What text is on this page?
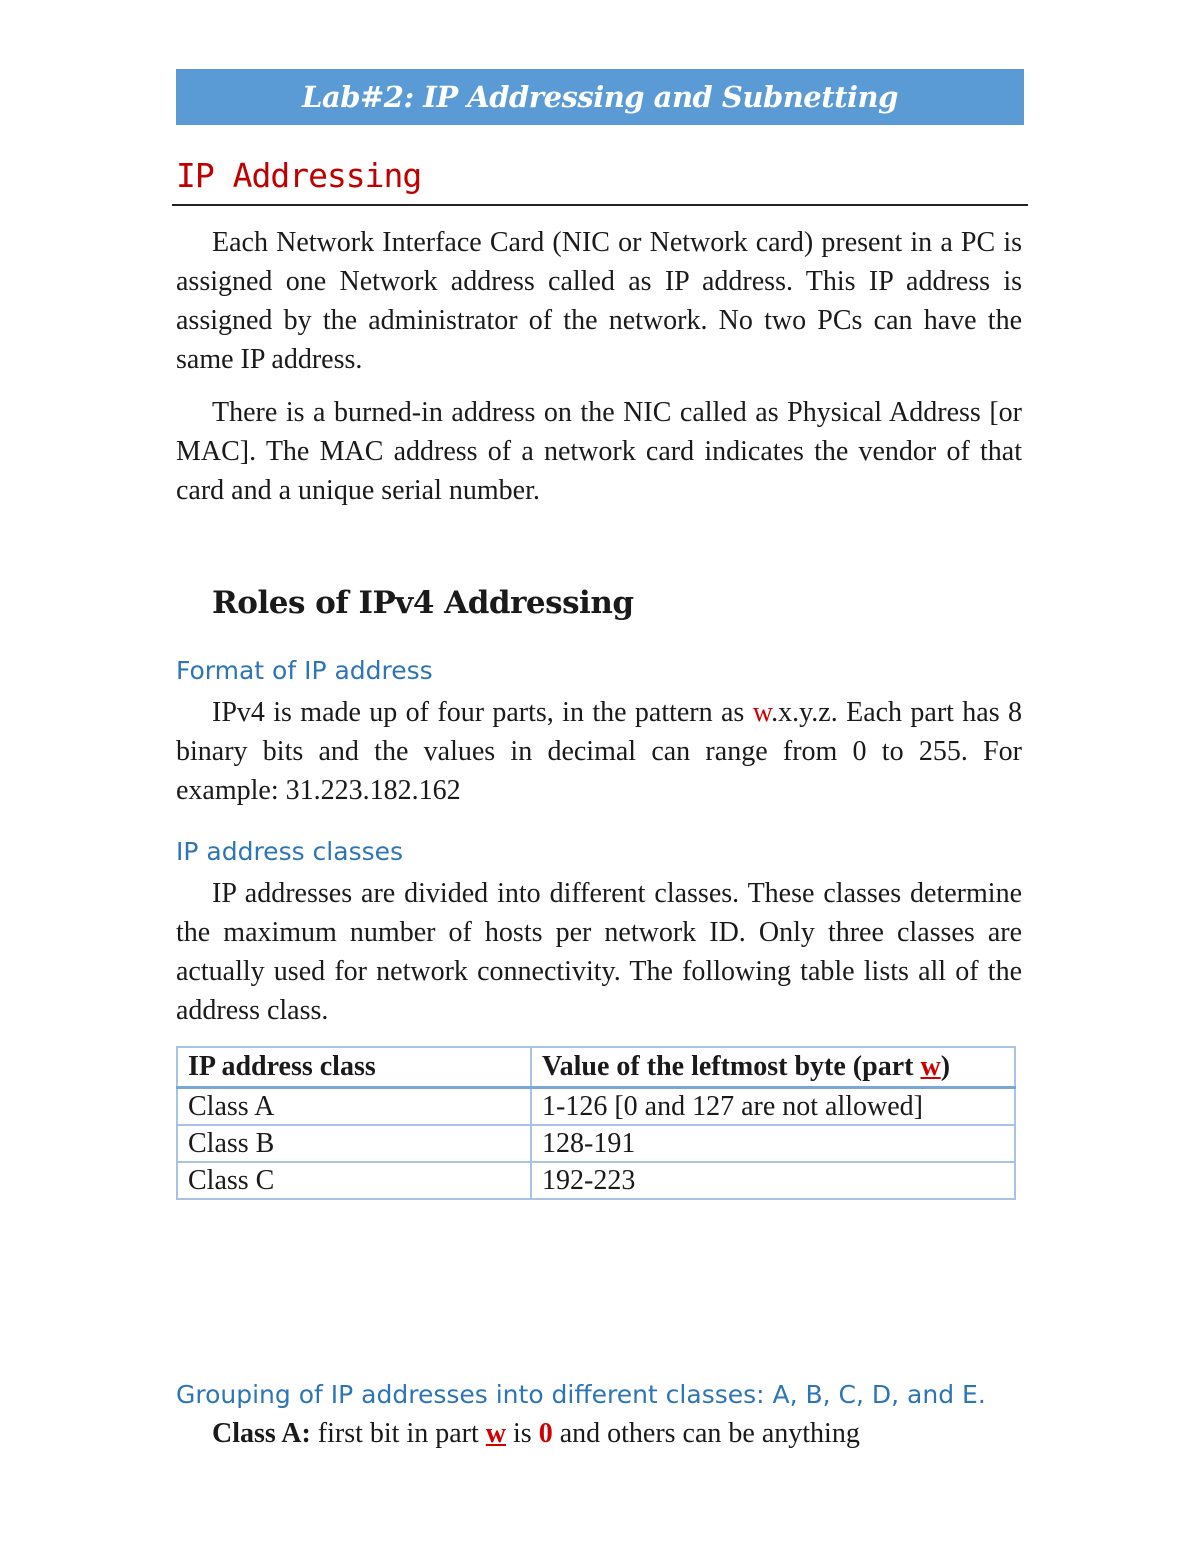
Lab#2: IP Addressing and Subnetting
IP Addressing

Each Network Interface Card (NIC or Network card) present in a PC is assigned one Network address called as IP address. This IP address is assigned by the administrator of the network. No two PCs can have the same IP address.

There is a burned-in address on the NIC called as Physical Address [or MAC]. The MAC address of a network card indicates the vendor of that card and a unique serial number.

Roles of IPv4 Addressing
Format of IP address

IPv4 is made up of four parts, in the pattern as w.x.y.z. Each part has 8 binary bits and the values in decimal can range from 0 to 255. For example: 31.223.182.162

IP address classes

IP addresses are divided into different classes. These classes determine the maximum number of hosts per network ID. Only three classes are actually used for network connectivity. The following table lists all of the address class.

IP address class	Value of the leftmost byte (part w)
Class A	1-126 [0 and 127 are not allowed]
Class B	128-191
Class C	192-223
Grouping of IP addresses into different classes: A, B, C, D, and E.
Class A: first bit in part w is 0 and others can be anything
